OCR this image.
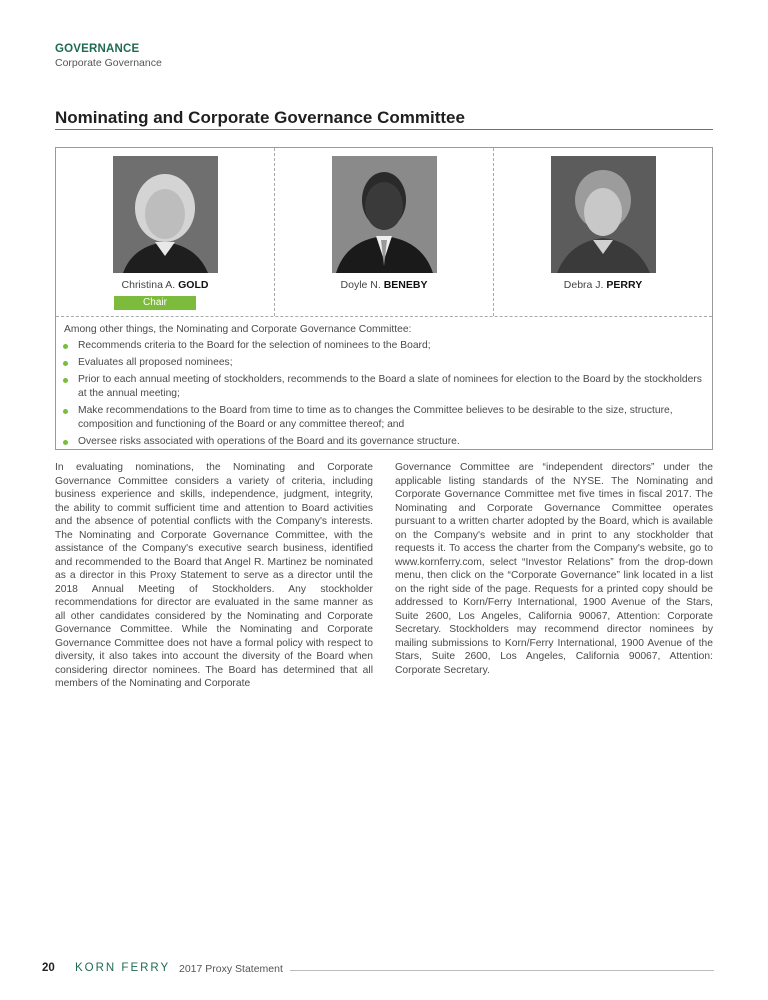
GOVERNANCE
Corporate Governance
Nominating and Corporate Governance Committee
Christina A. GOLD
Chair
Doyle N. BENEBY	Debra J. PERRY
Among other things, the Nominating and Corporate Governance Committee:
Recommends criteria to the Board for the selection of nominees to the Board;
Evaluates all proposed nominees;
Prior to each annual meeting of stockholders, recommends to the Board a slate of nominees for election to the Board by the stockholders at the annual meeting;
Make recommendations to the Board from time to time as to changes the Committee believes to be desirable to the size, structure, composition and functioning of the Board or any committee thereof; and
Oversee risks associated with operations of the Board and its governance structure.
In evaluating nominations, the Nominating and Corporate Governance Committee considers a variety of criteria, including business experience and skills, independence, judgment, integrity, the ability to commit sufficient time and attention to Board activities and the absence of potential conflicts with the Company's interests. The Nominating and Corporate Governance Committee, with the assistance of the Company's executive search business, identified and recommended to the Board that Angel R. Martinez be nominated as a director in this Proxy Statement to serve as a director until the 2018 Annual Meeting of Stockholders. Any stockholder recommendations for director are evaluated in the same manner as all other candidates considered by the Nominating and Corporate Governance Committee. While the Nominating and Corporate Governance Committee does not have a formal policy with respect to diversity, it also takes into account the diversity of the Board when considering director nominees. The Board has determined that all members of the Nominating and Corporate
Governance Committee are “independent directors” under the applicable listing standards of the NYSE. The Nominating and Corporate Governance Committee met five times in fiscal 2017. The Nominating and Corporate Governance Committee operates pursuant to a written charter adopted by the Board, which is available on the Company's website and in print to any stockholder that requests it. To access the charter from the Company's website, go to www.kornferry.com, select “Investor Relations” from the drop-down menu, then click on the “Corporate Governance” link located in a list on the right side of the page. Requests for a printed copy should be addressed to Korn/Ferry International, 1900 Avenue of the Stars, Suite 2600, Los Angeles, California 90067, Attention: Corporate Secretary. Stockholders may recommend director nominees by mailing submissions to Korn/Ferry International, 1900 Avenue of the Stars, Suite 2600, Los Angeles, California 90067, Attention: Corporate Secretary.
20 KORN FERRY 2017 Proxy Statement
